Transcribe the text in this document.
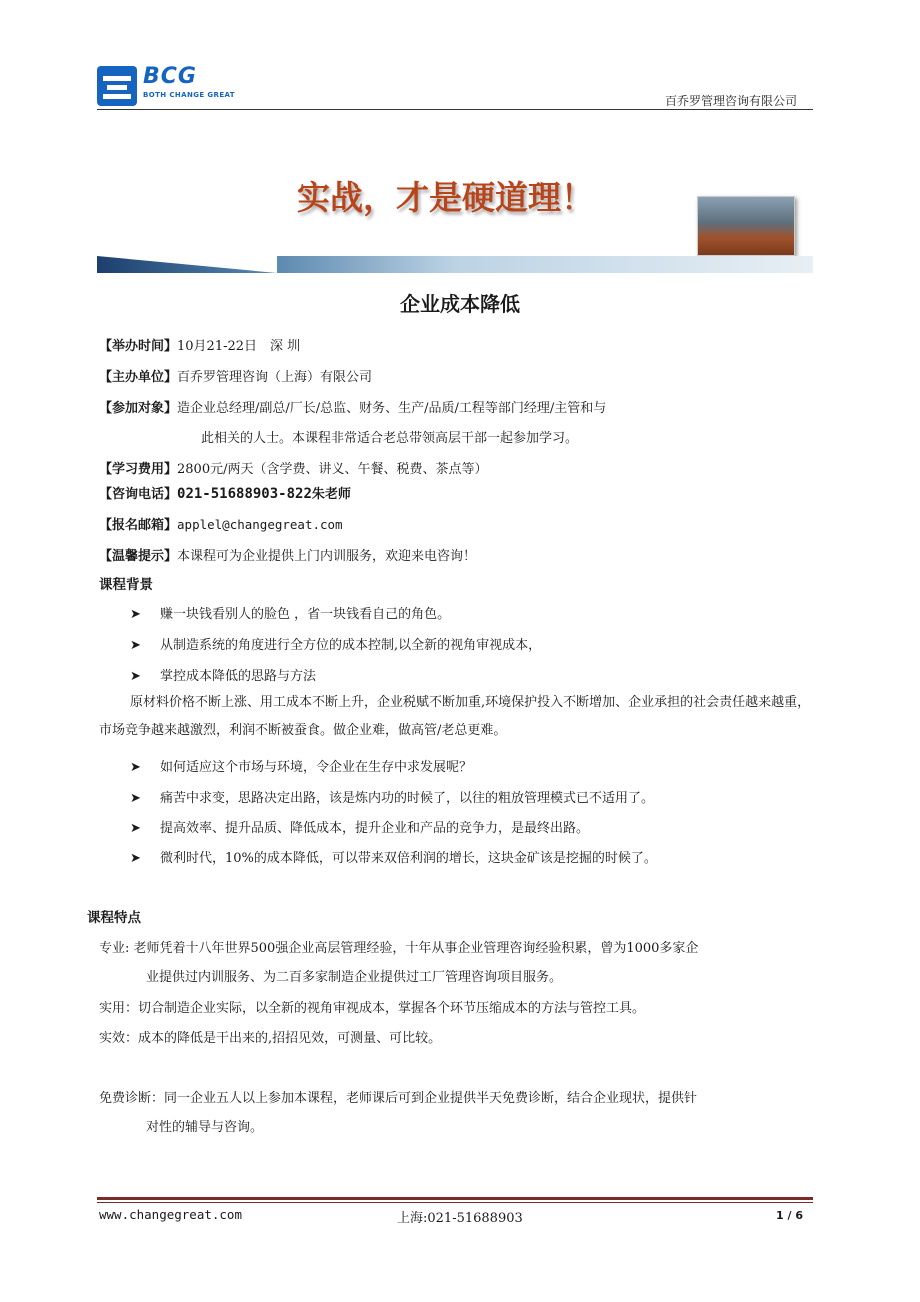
BCG
BOTH CHANGE GREAT	百乔罗管理咨询有限公司
实战，才是硬道理！
企业成本降低
【举办时间】10月21-22日　深 圳
【主办单位】百乔罗管理咨询（上海）有限公司
【参加对象】造企业总经理/副总/厂长/总监、财务、生产/品质/工程等部门经理/主管和与
此相关的人士。本课程非常适合老总带领高层干部一起参加学习。
【学习费用】2800元/两天（含学费、讲义、午餐、税费、茶点等）
【咨询电话】021-51688903-822朱老师
【报名邮箱】applel@changegreat.com
【温馨提示】本课程可为企业提供上门内训服务，欢迎来电咨询！
课程背景
➤ 赚一块钱看别人的脸色 ，省一块钱看自己的角色。
➤ 从制造系统的角度进行全方位的成本控制,以全新的视角审视成本，
➤ 掌控成本降低的思路与方法
原材料价格不断上涨、用工成本不断上升，企业税赋不断加重,环境保护投入不断增加、企业承担的社会责任越来越重，市场竞争越来越激烈，利润不断被蚕食。做企业难，做高管/老总更难。
➤ 如何适应这个市场与环境，令企业在生存中求发展呢？
➤ 痛苦中求变，思路决定出路，该是炼内功的时候了，以往的粗放管理模式已不适用了。
➤ 提高效率、提升品质、降低成本，提升企业和产品的竞争力，是最终出路。
➤ 微利时代，10%的成本降低，可以带来双倍利润的增长，这块金矿该是挖掘的时候了。
课程特点
专业: 老师凭着十八年世界500强企业高层管理经验，十年从事企业管理咨询经验积累，曾为1000多家企
业提供过内训服务、为二百多家制造企业提供过工厂管理咨询项目服务。
实用：切合制造企业实际，以全新的视角审视成本，掌握各个环节压缩成本的方法与管控工具。
实效：成本的降低是干出来的,招招见效，可测量、可比较。
免费诊断：同一企业五人以上参加本课程，老师课后可到企业提供半天免费诊断，结合企业现状，提供针
对性的辅导与咨询。
www.changegreat.com	上海:021-51688903	1 / 6
